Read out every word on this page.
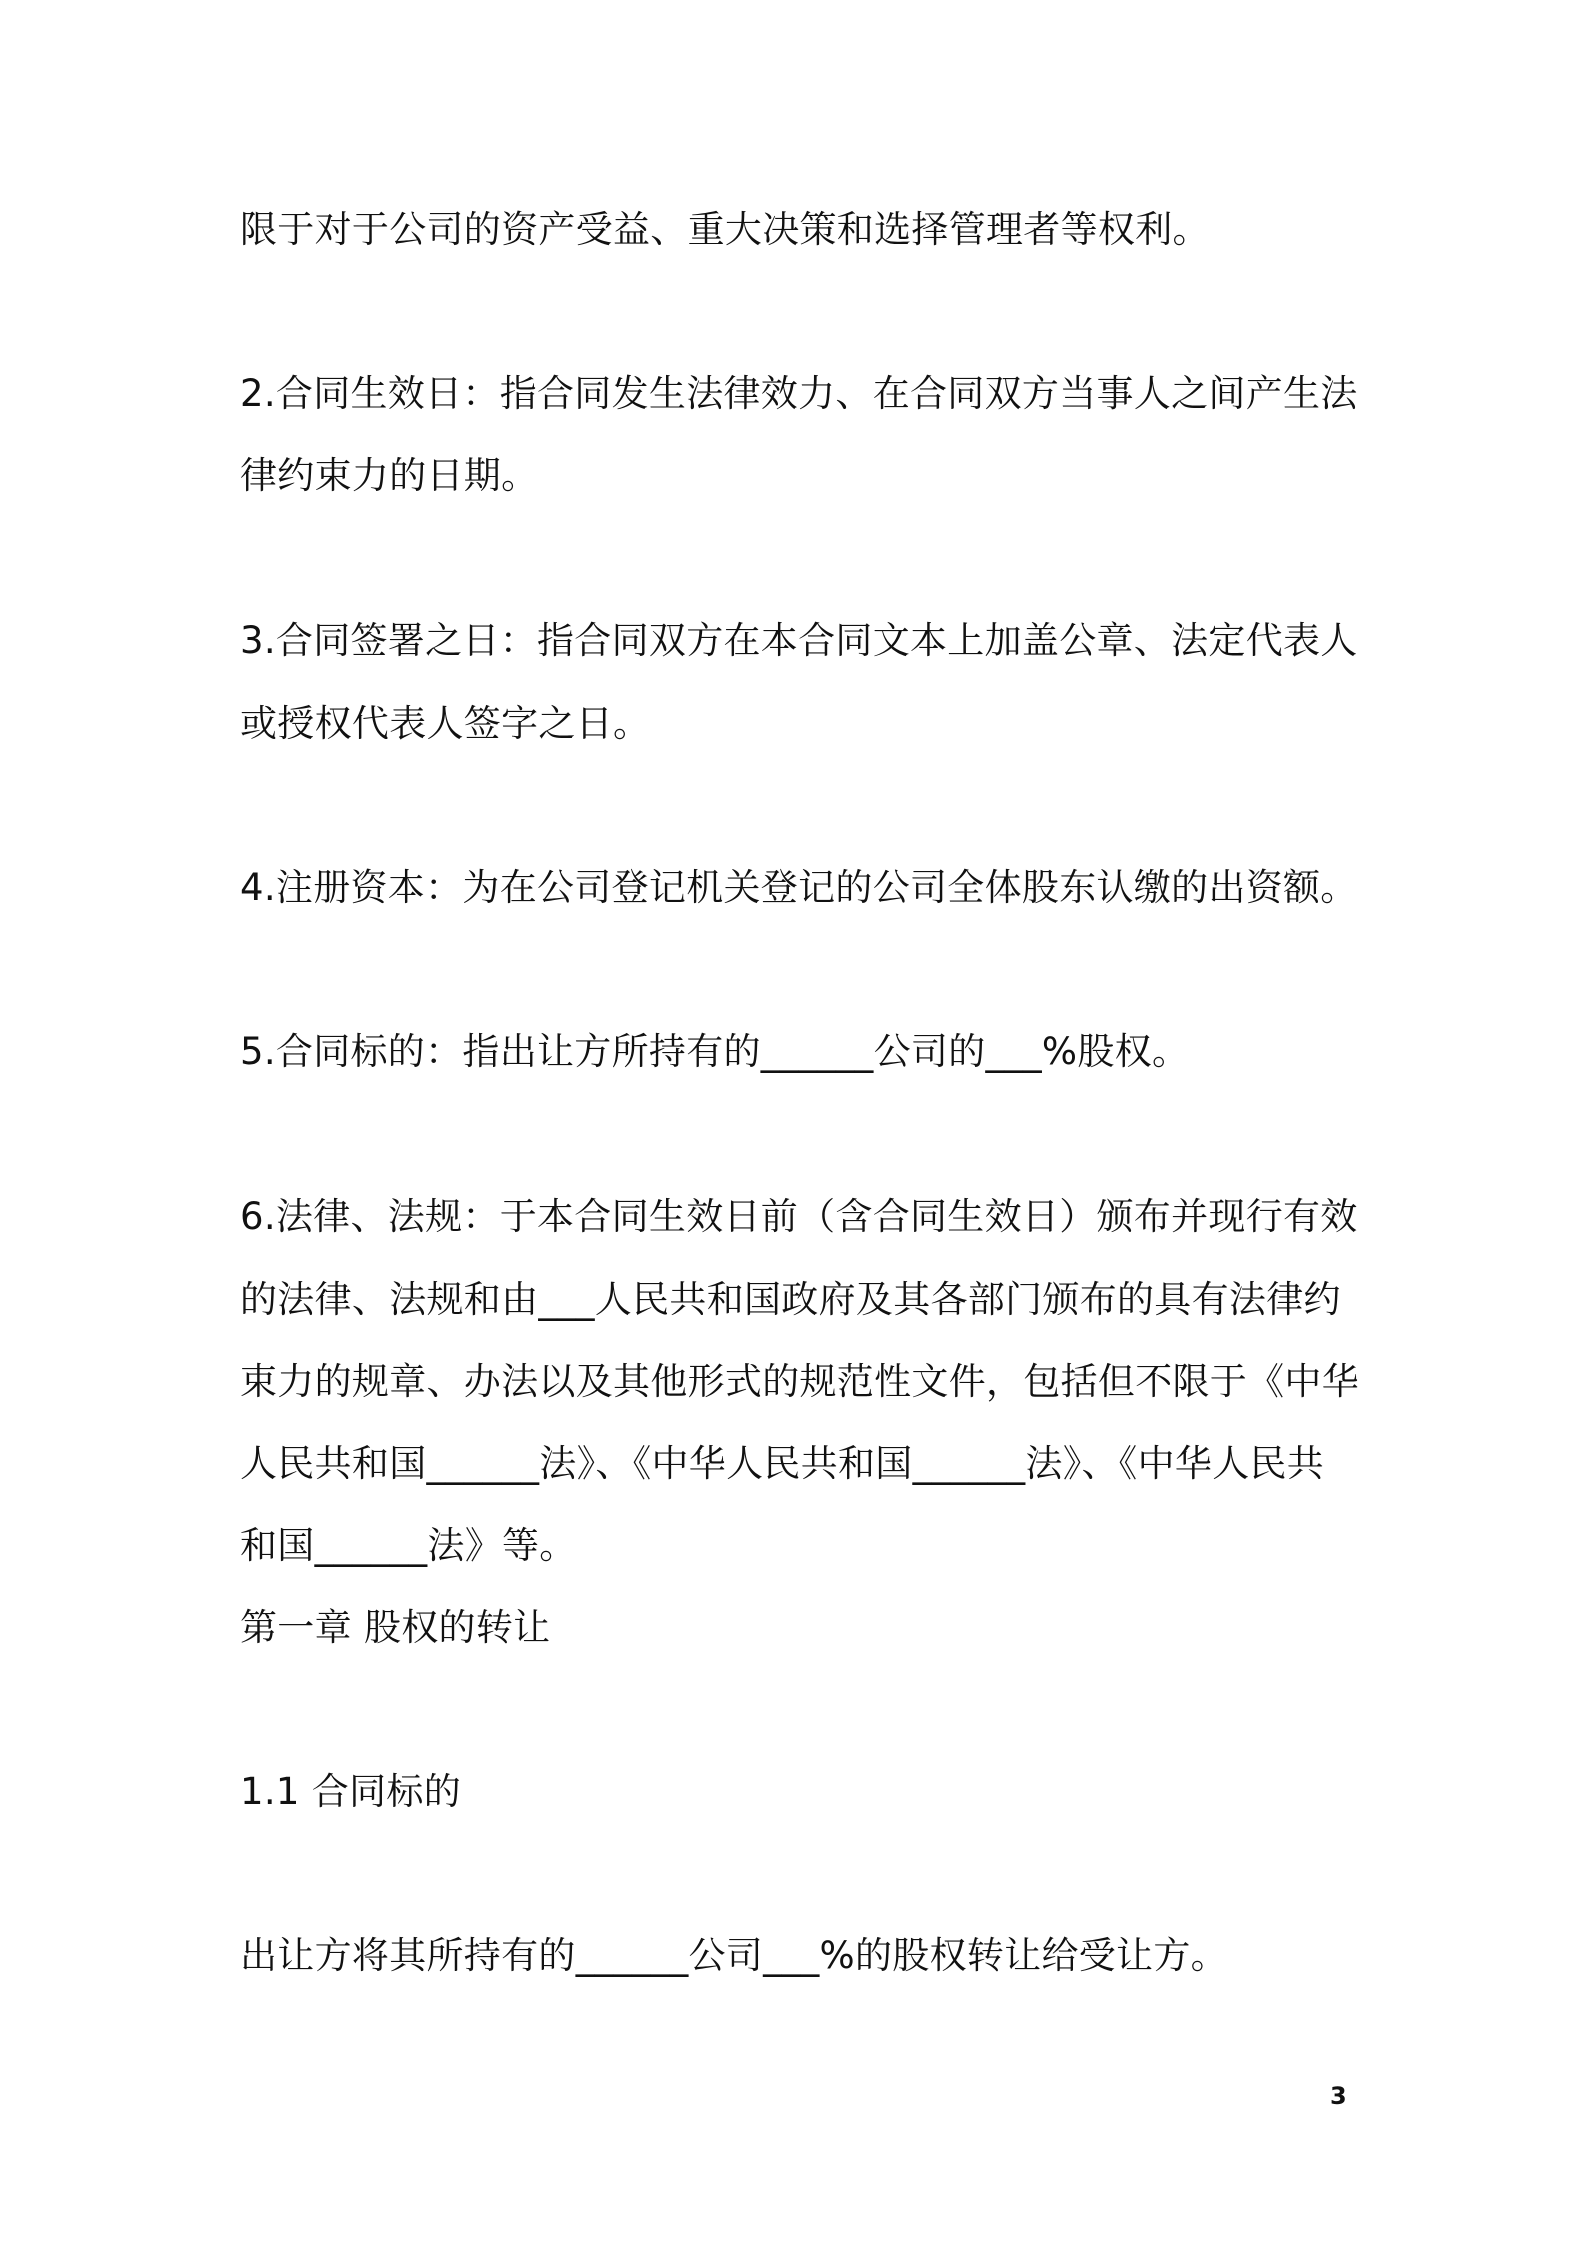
限于对于公司的资产受益、重大决策和选择管理者等权利。
2.合同生效日：指合同发生法律效力、在合同双方当事人之间产生法
律约束力的日期。
3.合同签署之日：指合同双方在本合同文本上加盖公章、法定代表人
或授权代表人签字之日。
4.注册资本：为在公司登记机关登记的公司全体股东认缴的出资额。
5.合同标的：指出让方所持有的______公司的___%股权。
6.法律、法规：于本合同生效日前（含合同生效日）颁布并现行有效
的法律、法规和由___人民共和国政府及其各部门颁布的具有法律约
束力的规章、办法以及其他形式的规范性文件，包括但不限于《中华
人民共和国______法》、《中华人民共和国______法》、《中华人民共
和国______法》等。
第一章 股权的转让
1.1 合同标的
出让方将其所持有的______公司___%的股权转让给受让方。
3
